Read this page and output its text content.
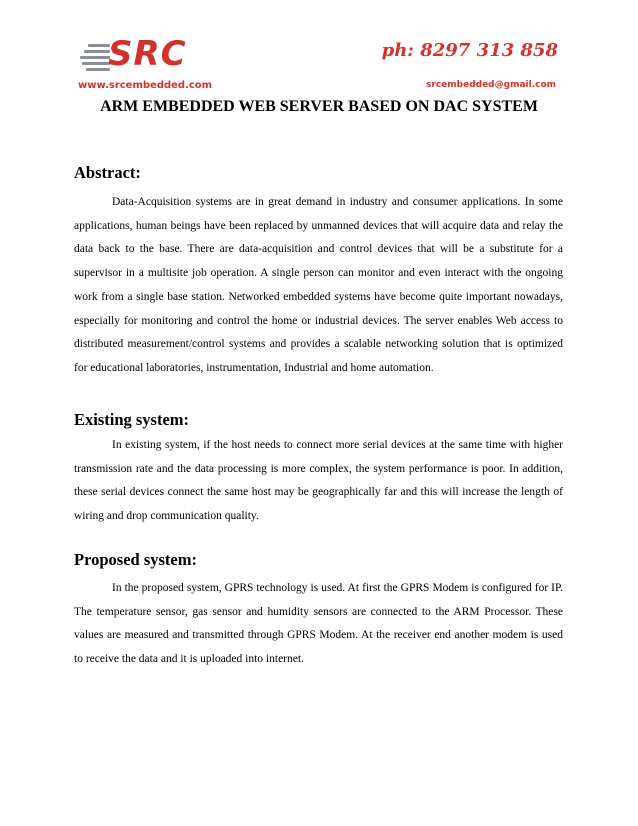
SRC
www.srcembedded.com
ph: 8297 313 858
srcembedded@gmail.com
ARM EMBEDDED WEB SERVER BASED ON DAC SYSTEM
Abstract:

Data-Acquisition systems are in great demand in industry and consumer applications. In some applications, human beings have been replaced by unmanned devices that will acquire data and relay the data back to the base. There are data-acquisition and control devices that will be a substitute for a supervisor in a multisite job operation. A single person can monitor and even interact with the ongoing work from a single base station. Networked embedded systems have become quite important nowadays, especially for monitoring and control the home or industrial devices. The server enables Web access to distributed measurement/control systems and provides a scalable networking solution that is optimized for educational laboratories, instrumentation, Industrial and home automation.

Existing system:

In existing system, if the host needs to connect more serial devices at the same time with higher transmission rate and the data processing is more complex, the system performance is poor. In addition, these serial devices connect the same host may be geographically far and this will increase the length of wiring and drop communication quality.

Proposed system:

In the proposed system, GPRS technology is used. At first the GPRS Modem is configured for IP. The temperature sensor, gas sensor and humidity sensors are connected to the ARM Processor. These values are measured and transmitted through GPRS Modem. At the receiver end another modem is used to receive the data and it is uploaded into internet.
